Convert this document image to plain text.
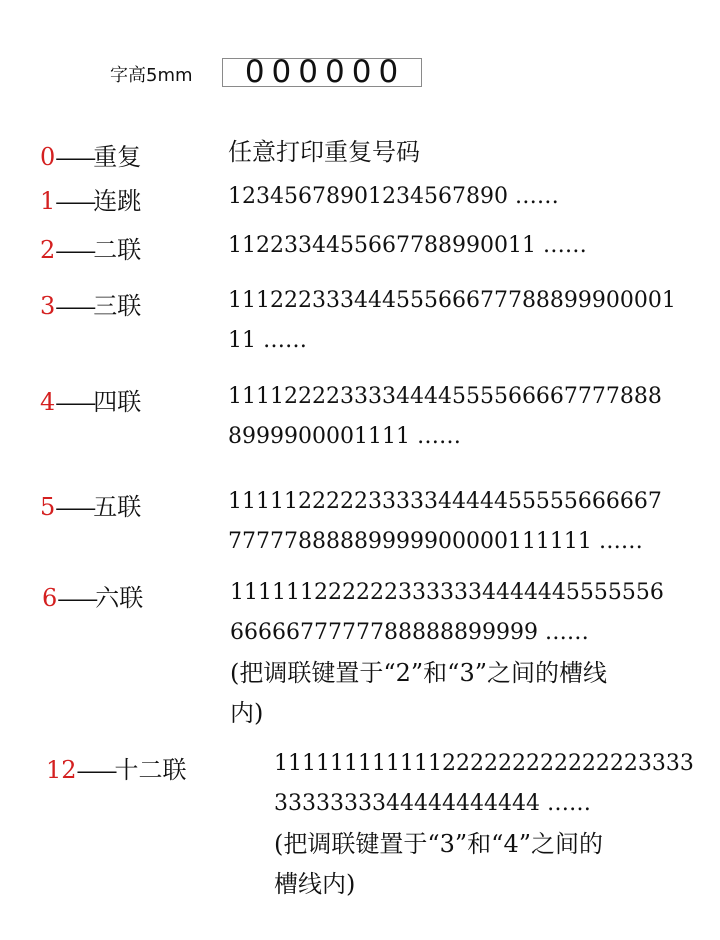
字高5mm	000000
0 —— 重复	任意打印重复号码
1 —— 连跳	12345678901234567890 ……
2 —— 二联	1122334455667788990011 ……
3 —— 三联	11122233344455566677788899900001
11 ……
4 —— 四联	1111222233334444555566667777888
8999900001111 ……
5 —— 五联	1111122222333334444455555666667
77777888889999900000111111 ……
6 —— 六联	1111112222223333334444445555556
6666677777788888899999 ……
(把调联键置于“2”和“3”之间的槽线
内)
12 —— 十二联	111111111111222222222222223333
3333333344444444444 ……
(把调联键置于“3”和“4”之间的
槽线内)
